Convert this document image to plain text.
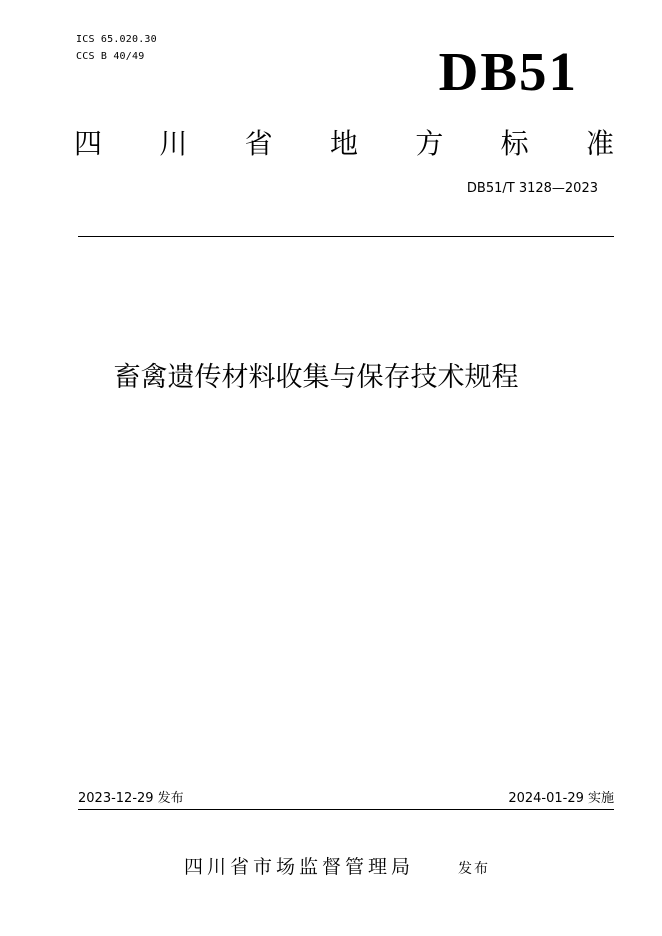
ICS 65.020.30
CCS B 40/49	DB51
四 川 省 地 方 标 准
DB51/T 3128—2023
畜禽遗传材料收集与保存技术规程
2023-12-29 发布	2024-01-29 实施
四川省市场监督管理局	发布
